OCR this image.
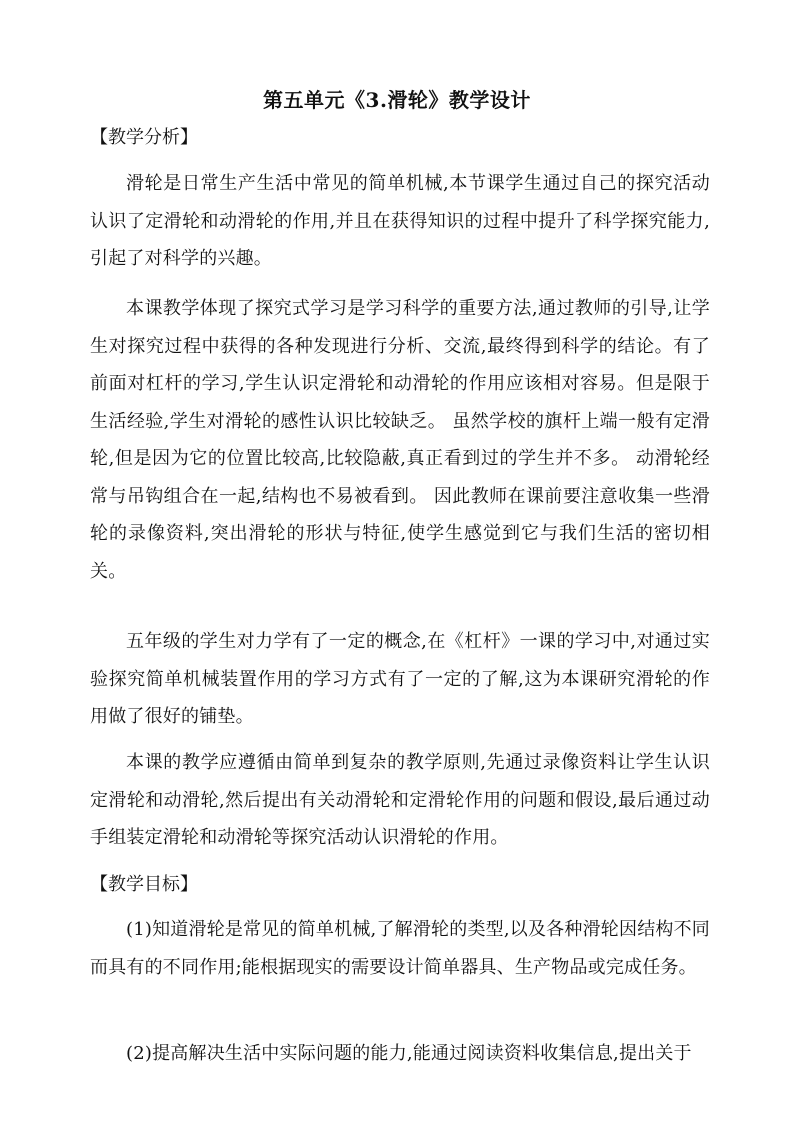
第五单元《3.滑轮》教学设计
【教学分析】

滑轮是日常生产生活中常见的简单机械,本节课学生通过自己的探究活动认识了定滑轮和动滑轮的作用,并且在获得知识的过程中提升了科学探究能力,引起了对科学的兴趣。

本课教学体现了探究式学习是学习科学的重要方法,通过教师的引导,让学生对探究过程中获得的各种发现进行分析、交流,最终得到科学的结论。有了前面对杠杆的学习,学生认识定滑轮和动滑轮的作用应该相对容易。但是限于生活经验,学生对滑轮的感性认识比较缺乏。 虽然学校的旗杆上端一般有定滑轮,但是因为它的位置比较高,比较隐蔽,真正看到过的学生并不多。 动滑轮经常与吊钩组合在一起,结构也不易被看到。 因此教师在课前要注意收集一些滑轮的录像资料,突出滑轮的形状与特征,使学生感觉到它与我们生活的密切相关。

五年级的学生对力学有了一定的概念,在《杠杆》一课的学习中,对通过实验探究简单机械装置作用的学习方式有了一定的了解,这为本课研究滑轮的作用做了很好的铺垫。

本课的教学应遵循由简单到复杂的教学原则,先通过录像资料让学生认识定滑轮和动滑轮,然后提出有关动滑轮和定滑轮作用的问题和假设,最后通过动手组装定滑轮和动滑轮等探究活动认识滑轮的作用。

【教学目标】

(1)知道滑轮是常见的简单机械,了解滑轮的类型,以及各种滑轮因结构不同而具有的不同作用;能根据现实的需要设计简单器具、生产物品或完成任务。

(2)提高解决生活中实际问题的能力,能通过阅读资料收集信息,提出关于
